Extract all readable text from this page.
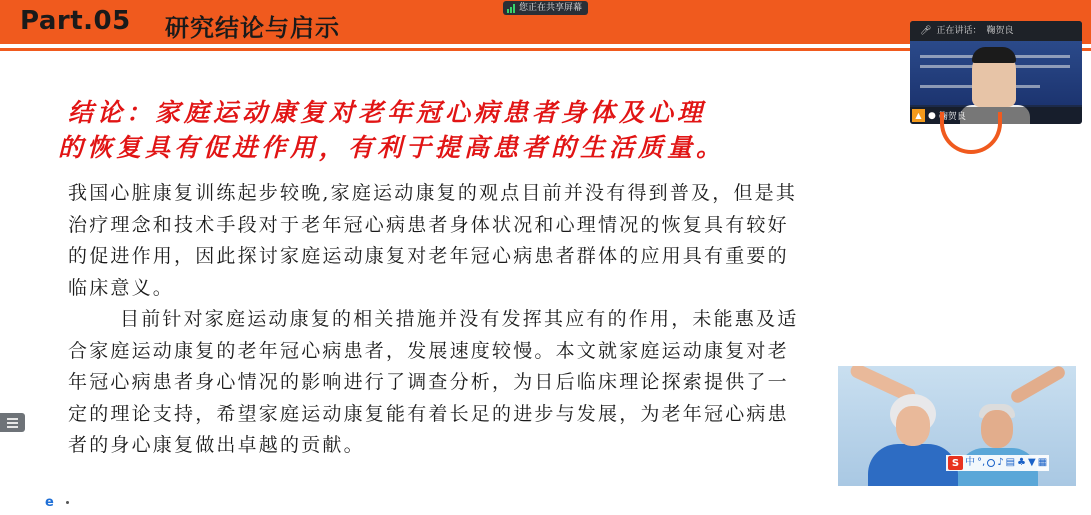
Part.05 研究结论与启示
您正在共享屏幕
结论：家庭运动康复对老年冠心病患者身体及心理
的恢复具有促进作用，有利于提高患者的生活质量。

我国心脏康复训练起步较晚,家庭运动康复的观点目前并没有得到普及，但是其治疗理念和技术手段对于老年冠心病患者身体状况和心理情况的恢复具有较好的促进作用，因此探讨家庭运动康复对老年冠心病患者群体的应用具有重要的临床意义。

目前针对家庭运动康复的相关措施并没有发挥其应有的作用，未能惠及适合家庭运动康复的老年冠心病患者，发展速度较慢。本文就家庭运动康复对老年冠心病患者身心情况的影响进行了调查分析，为日后临床理论探索提供了一定的理论支持，希望家庭运动康复能有着长足的进步与发展，为老年冠心病患者的身心康复做出卓越的贡献。

🎤︎ 正在讲话： 鞠贺良
▲ ● 鞠贺良
S 中 °, ♪ ▤ ♣ ▼ ▦
e
